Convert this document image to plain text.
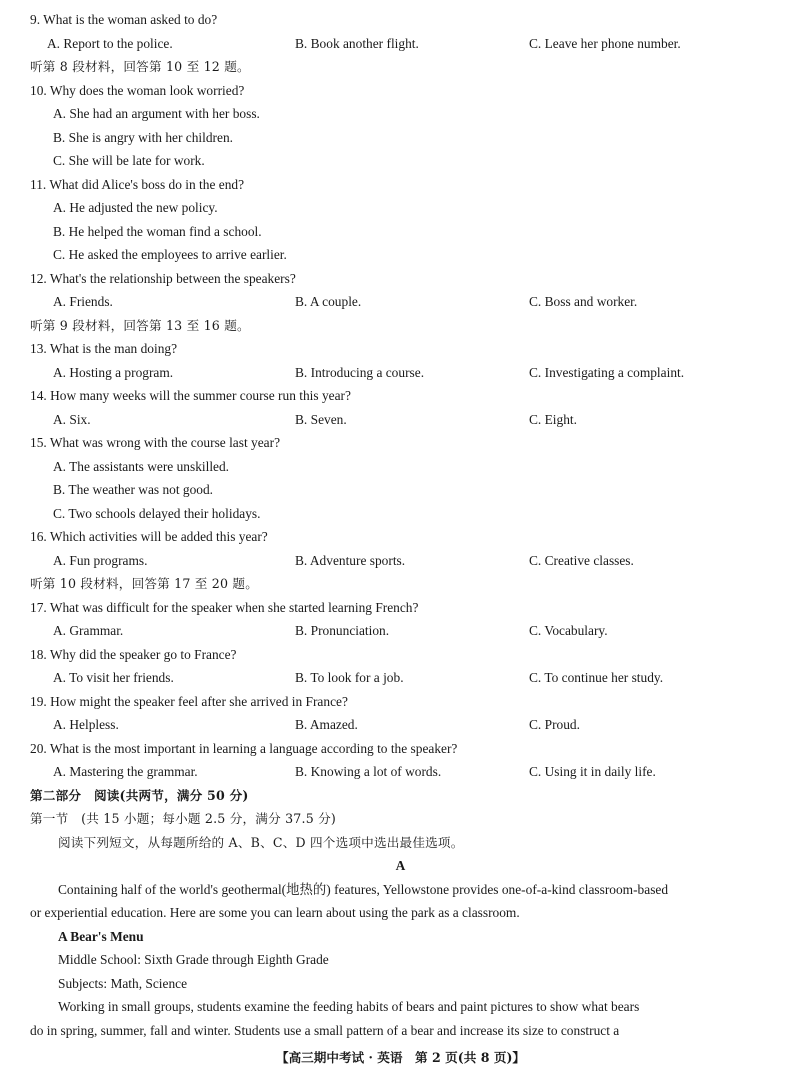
9. What is the woman asked to do?
A. Report to the police.	B. Book another flight.	C. Leave her phone number.
听第 8 段材料，回答第 10 至 12 题。
10. Why does the woman look worried?
A. She had an argument with her boss.
B. She is angry with her children.
C. She will be late for work.
11. What did Alice's boss do in the end?
A. He adjusted the new policy.
B. He helped the woman find a school.
C. He asked the employees to arrive earlier.
12. What's the relationship between the speakers?
A. Friends.	B. A couple.	C. Boss and worker.
听第 9 段材料，回答第 13 至 16 题。
13. What is the man doing?
A. Hosting a program.	B. Introducing a course.	C. Investigating a complaint.
14. How many weeks will the summer course run this year?
A. Six.	B. Seven.	C. Eight.
15. What was wrong with the course last year?
A. The assistants were unskilled.
B. The weather was not good.
C. Two schools delayed their holidays.
16. Which activities will be added this year?
A. Fun programs.	B. Adventure sports.	C. Creative classes.
听第 10 段材料，回答第 17 至 20 题。
17. What was difficult for the speaker when she started learning French?
A. Grammar.	B. Pronunciation.	C. Vocabulary.
18. Why did the speaker go to France?
A. To visit her friends.	B. To look for a job.	C. To continue her study.
19. How might the speaker feel after she arrived in France?
A. Helpless.	B. Amazed.	C. Proud.
20. What is the most important in learning a language according to the speaker?
A. Mastering the grammar.	B. Knowing a lot of words.	C. Using it in daily life.
第二部分　阅读(共两节，满分 50 分)
第一节　(共 15 小题；每小题 2.5 分，满分 37.5 分)
阅读下列短文，从每题所给的 A、B、C、D 四个选项中选出最佳选项。
A
Containing half of the world's geothermal(地热的) features, Yellowstone provides one-of-a-kind classroom-based
or experiential education. Here are some you can learn about using the park as a classroom.
A Bear's Menu
Middle School: Sixth Grade through Eighth Grade
Subjects: Math, Science
Working in small groups, students examine the feeding habits of bears and paint pictures to show what bears
do in spring, summer, fall and winter. Students use a small pattern of a bear and increase its size to construct a
【高三期中考试 · 英语　第 2 页(共 8 页)】
